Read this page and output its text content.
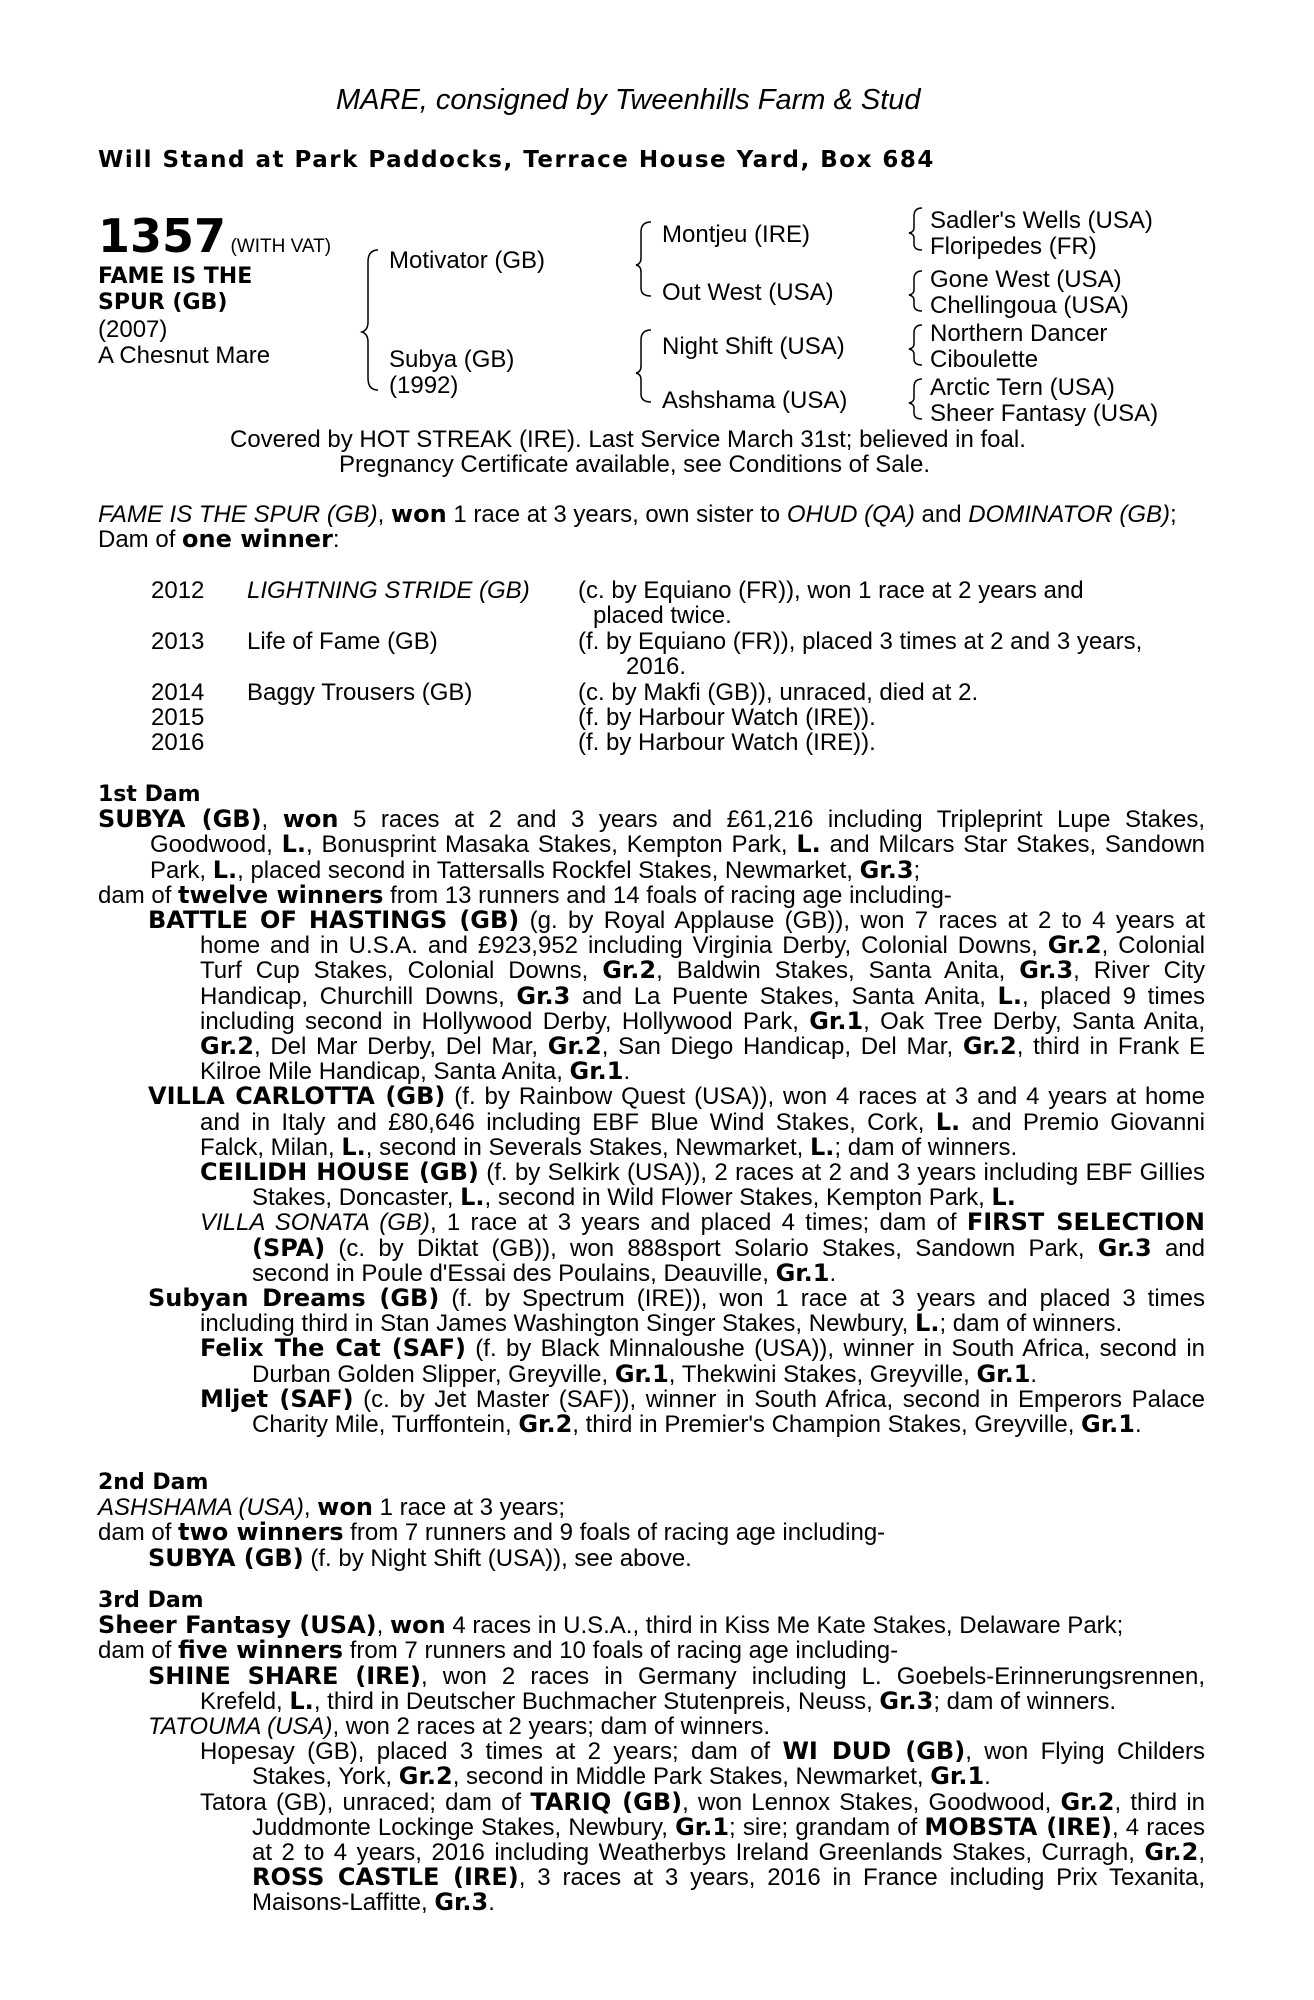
MARE, consigned by Tweenhills Farm & Stud
Will Stand at Park Paddocks, Terrace House Yard, Box 684
1357 (WITH VAT)
FAME IS THE
SPUR (GB)
(2007)
A Chesnut Mare
Motivator (GB)
Subya (GB)
(1992)
Montjeu (IRE)
Out West (USA)
Night Shift (USA)
Ashshama (USA)
Sadler's Wells (USA)
Floripedes (FR)
Gone West (USA)
Chellingoua (USA)
Northern Dancer
Ciboulette
Arctic Tern (USA)
Sheer Fantasy (USA)
Covered by HOT STREAK (IRE). Last Service March 31st; believed in foal.
Pregnancy Certificate available, see Conditions of Sale.

FAME IS THE SPUR (GB), won 1 race at 3 years, own sister to OHUD (QA) and DOMINATOR (GB);

Dam of one winner:

2012 LIGHTNING STRIDE (GB) (c. by Equiano (FR)), won 1 race at 2 years and
placed twice.
2013 Life of Fame (GB)	(f. by Equiano (FR)), placed 3 times at 2 and 3 years,
2016.
2014 Baggy Trousers (GB)	(c. by Makfi (GB)), unraced, died at 2.
2015	(f. by Harbour Watch (IRE)).
2016	(f. by Harbour Watch (IRE)).

1st Dam

SUBYA (GB), won 5 races at 2 and 3 years and £61,216 including Tripleprint Lupe Stakes, Goodwood, L., Bonusprint Masaka Stakes, Kempton Park, L. and Milcars Star Stakes, Sandown Park, L., placed second in Tattersalls Rockfel Stakes, Newmarket, Gr.3;

dam of twelve winners from 13 runners and 14 foals of racing age including-

BATTLE OF HASTINGS (GB) (g. by Royal Applause (GB)), won 7 races at 2 to 4 years at home and in U.S.A. and £923,952 including Virginia Derby, Colonial Downs, Gr.2, Colonial Turf Cup Stakes, Colonial Downs, Gr.2, Baldwin Stakes, Santa Anita, Gr.3, River City Handicap, Churchill Downs, Gr.3 and La Puente Stakes, Santa Anita, L., placed 9 times including second in Hollywood Derby, Hollywood Park, Gr.1, Oak Tree Derby, Santa Anita, Gr.2, Del Mar Derby, Del Mar, Gr.2, San Diego Handicap, Del Mar, Gr.2, third in Frank E Kilroe Mile Handicap, Santa Anita, Gr.1.

VILLA CARLOTTA (GB) (f. by Rainbow Quest (USA)), won 4 races at 3 and 4 years at home and in Italy and £80,646 including EBF Blue Wind Stakes, Cork, L. and Premio Giovanni Falck, Milan, L., second in Severals Stakes, Newmarket, L.; dam of winners.

CEILIDH HOUSE (GB) (f. by Selkirk (USA)), 2 races at 2 and 3 years including EBF Gillies Stakes, Doncaster, L., second in Wild Flower Stakes, Kempton Park, L.

VILLA SONATA (GB), 1 race at 3 years and placed 4 times; dam of FIRST SELECTION (SPA) (c. by Diktat (GB)), won 888sport Solario Stakes, Sandown Park, Gr.3 and second in Poule d'Essai des Poulains, Deauville, Gr.1.

Subyan Dreams (GB) (f. by Spectrum (IRE)), won 1 race at 3 years and placed 3 times including third in Stan James Washington Singer Stakes, Newbury, L.; dam of winners.

Felix The Cat (SAF) (f. by Black Minnaloushe (USA)), winner in South Africa, second in Durban Golden Slipper, Greyville, Gr.1, Thekwini Stakes, Greyville, Gr.1.

Mljet (SAF) (c. by Jet Master (SAF)), winner in South Africa, second in Emperors Palace Charity Mile, Turffontein, Gr.2, third in Premier's Champion Stakes, Greyville, Gr.1.

2nd Dam

ASHSHAMA (USA), won 1 race at 3 years;

dam of two winners from 7 runners and 9 foals of racing age including-

SUBYA (GB) (f. by Night Shift (USA)), see above.

3rd Dam

Sheer Fantasy (USA), won 4 races in U.S.A., third in Kiss Me Kate Stakes, Delaware Park;

dam of five winners from 7 runners and 10 foals of racing age including-

SHINE SHARE (IRE), won 2 races in Germany including L. Goebels-Erinnerungsrennen, Krefeld, L., third in Deutscher Buchmacher Stutenpreis, Neuss, Gr.3; dam of winners.

TATOUMA (USA), won 2 races at 2 years; dam of winners.

Hopesay (GB), placed 3 times at 2 years; dam of WI DUD (GB), won Flying Childers Stakes, York, Gr.2, second in Middle Park Stakes, Newmarket, Gr.1.

Tatora (GB), unraced; dam of TARIQ (GB), won Lennox Stakes, Goodwood, Gr.2, third in Juddmonte Lockinge Stakes, Newbury, Gr.1; sire; grandam of MOBSTA (IRE), 4 races at 2 to 4 years, 2016 including Weatherbys Ireland Greenlands Stakes, Curragh, Gr.2, ROSS CASTLE (IRE), 3 races at 3 years, 2016 in France including Prix Texanita, Maisons-Laffitte, Gr.3.
